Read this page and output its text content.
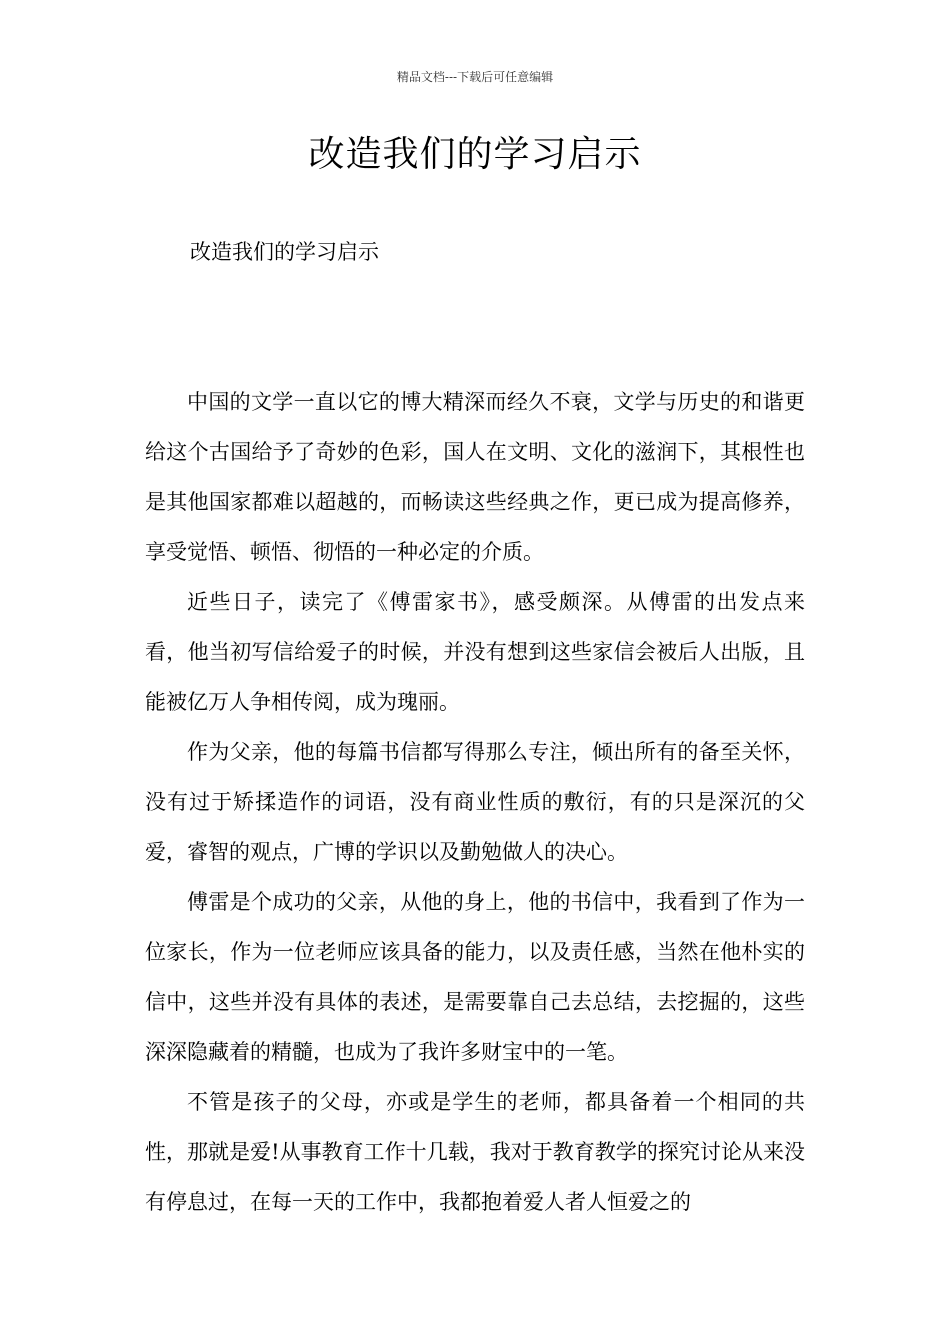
精品文档---下载后可任意编辑
改造我们的学习启示
改造我们的学习启示

中国的文学一直以它的博大精深而经久不衰，文学与历史的和谐更给这个古国给予了奇妙的色彩，国人在文明、文化的滋润下，其根性也是其他国家都难以超越的，而畅读这些经典之作，更已成为提高修养，享受觉悟、顿悟、彻悟的一种必定的介质。

近些日子，读完了《傅雷家书》，感受颇深。从傅雷的出发点来看，他当初写信给爱子的时候，并没有想到这些家信会被后人出版，且能被亿万人争相传阅，成为瑰丽。

作为父亲，他的每篇书信都写得那么专注，倾出所有的备至关怀，没有过于矫揉造作的词语，没有商业性质的敷衍，有的只是深沉的父爱，睿智的观点，广博的学识以及勤勉做人的决心。

傅雷是个成功的父亲，从他的身上，他的书信中，我看到了作为一位家长，作为一位老师应该具备的能力，以及责任感，当然在他朴实的信中，这些并没有具体的表述，是需要靠自己去总结，去挖掘的，这些深深隐藏着的精髓，也成为了我许多财宝中的一笔。

不管是孩子的父母，亦或是学生的老师，都具备着一个相同的共性，那就是爱!从事教育工作十几载，我对于教育教学的探究讨论从来没有停息过，在每一天的工作中，我都抱着爱人者人恒爱之的
